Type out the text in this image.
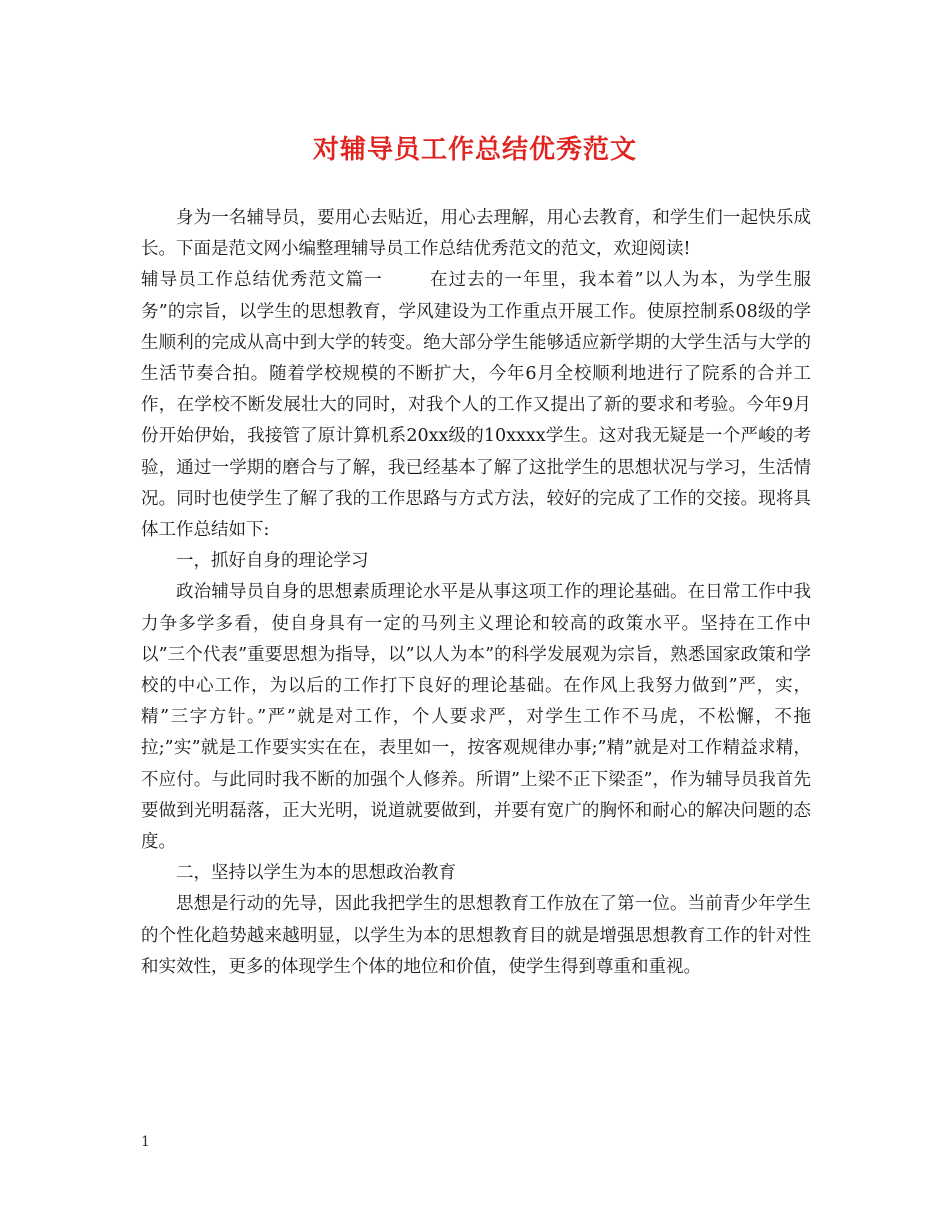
对辅导员工作总结优秀范文

身为一名辅导员，要用心去贴近，用心去理解，用心去教育，和学生们一起快乐成长。下面是范文网小编整理辅导员工作总结优秀范文的范文，欢迎阅读!

辅导员工作总结优秀范文篇一	在过去的一年里，我本着”以人为本，为学生服务”的宗旨，以学生的思想教育，学风建设为工作重点开展工作。使原控制系08级的学生顺利的完成从高中到大学的转变。绝大部分学生能够适应新学期的大学生活与大学的生活节奏合拍。随着学校规模的不断扩大，今年6月全校顺利地进行了院系的合并工作，在学校不断发展壮大的同时，对我个人的工作又提出了新的要求和考验。今年9月份开始伊始，我接管了原计算机系20xx级的10xxxx学生。这对我无疑是一个严峻的考验，通过一学期的磨合与了解，我已经基本了解了这批学生的思想状况与学习，生活情况。同时也使学生了解了我的工作思路与方式方法，较好的完成了工作的交接。现将具体工作总结如下:

一，抓好自身的理论学习

政治辅导员自身的思想素质理论水平是从事这项工作的理论基础。在日常工作中我力争多学多看，使自身具有一定的马列主义理论和较高的政策水平。坚持在工作中以”三个代表”重要思想为指导，以”以人为本”的科学发展观为宗旨，熟悉国家政策和学校的中心工作，为以后的工作打下良好的理论基础。在作风上我努力做到”严，实，精”三字方针。”严”就是对工作，个人要求严，对学生工作不马虎，不松懈，不拖拉;”实”就是工作要实实在在，表里如一，按客观规律办事;”精”就是对工作精益求精，不应付。与此同时我不断的加强个人修养。所谓”上梁不正下梁歪”，作为辅导员我首先要做到光明磊落，正大光明，说道就要做到，并要有宽广的胸怀和耐心的解决问题的态度。

二，坚持以学生为本的思想政治教育

思想是行动的先导，因此我把学生的思想教育工作放在了第一位。当前青少年学生的个性化趋势越来越明显，以学生为本的思想教育目的就是增强思想教育工作的针对性和实效性，更多的体现学生个体的地位和价值，使学生得到尊重和重视。

1
